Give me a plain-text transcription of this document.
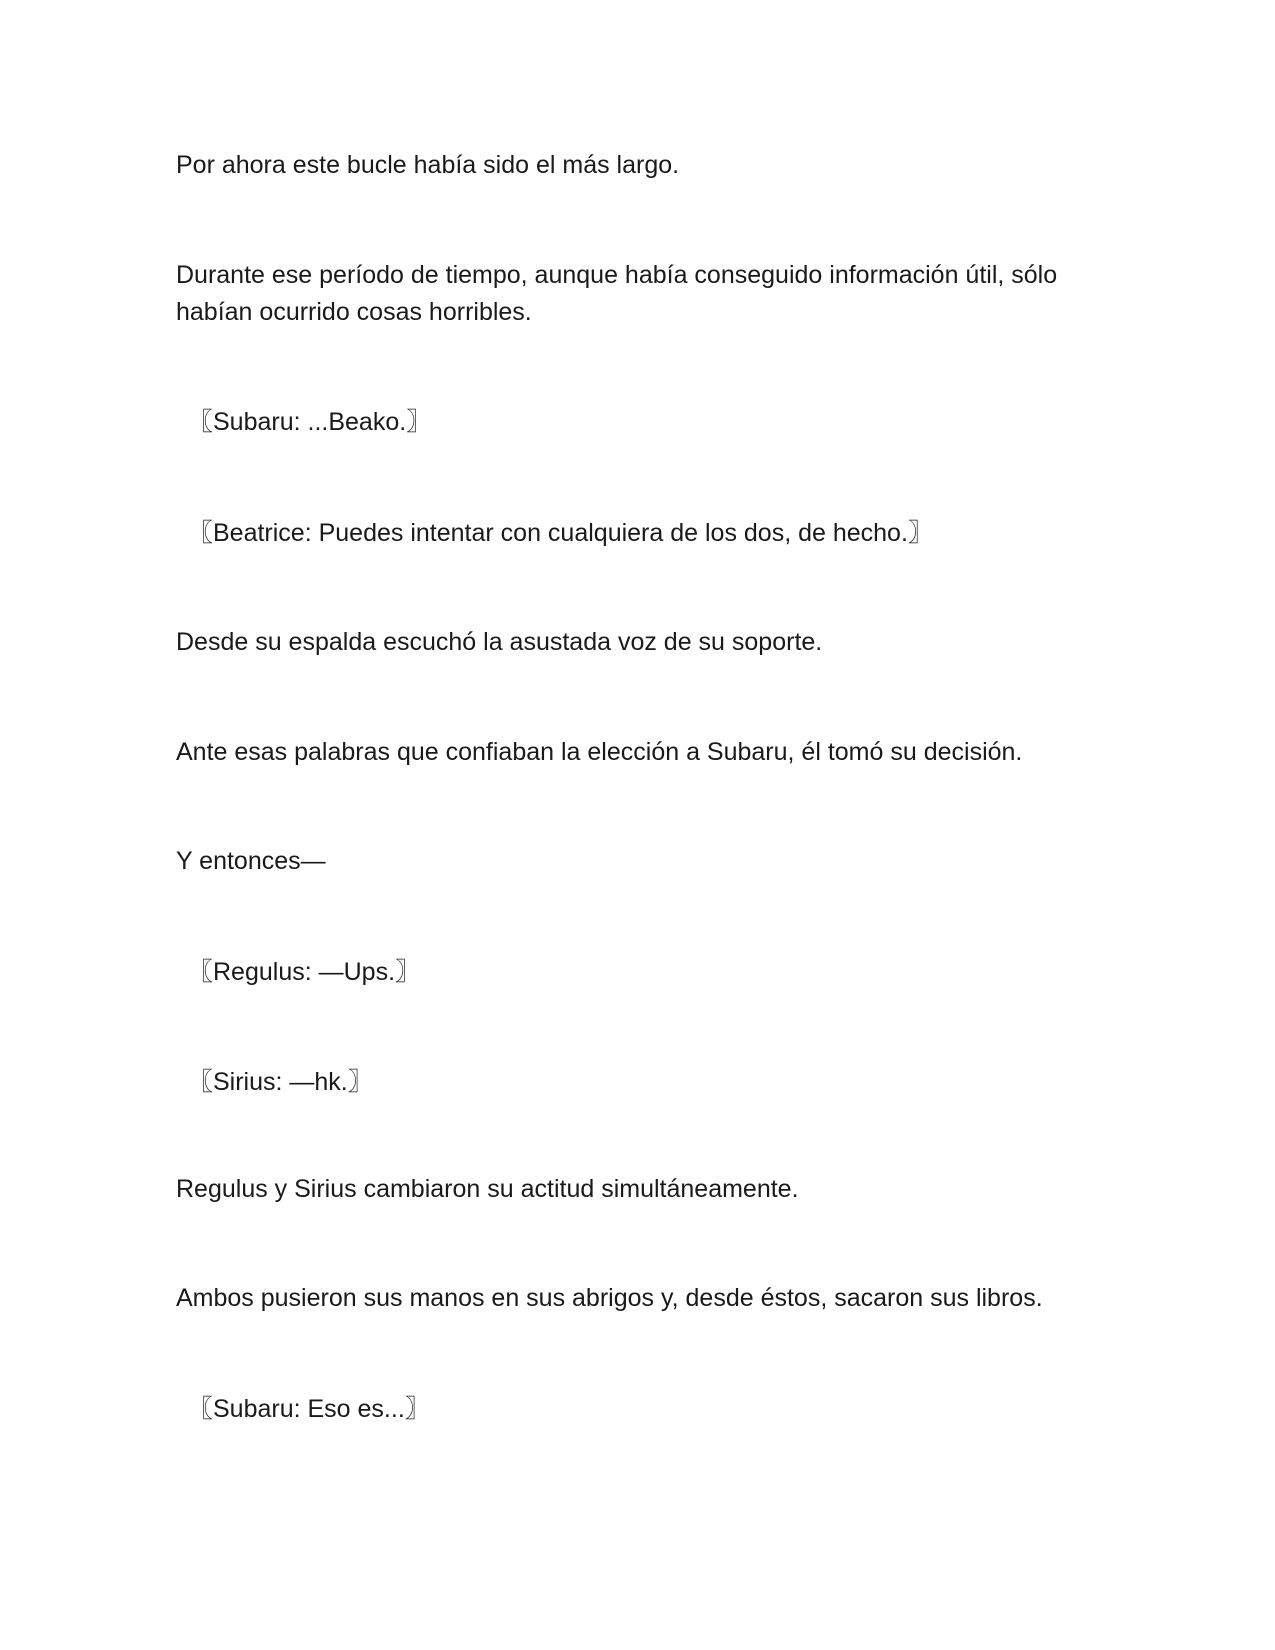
Por ahora este bucle había sido el más largo.

Durante ese período de tiempo, aunque había conseguido información útil, sólo habían ocurrido cosas horribles.

〖Subaru: ...Beako.〗

〖Beatrice: Puedes intentar con cualquiera de los dos, de hecho.〗

Desde su espalda escuchó la asustada voz de su soporte.

Ante esas palabras que confiaban la elección a Subaru, él tomó su decisión.

Y entonces—

〖Regulus: —Ups.〗

〖Sirius: —hk.〗

Regulus y Sirius cambiaron su actitud simultáneamente.

Ambos pusieron sus manos en sus abrigos y, desde éstos, sacaron sus libros.

〖Subaru: Eso es...〗
